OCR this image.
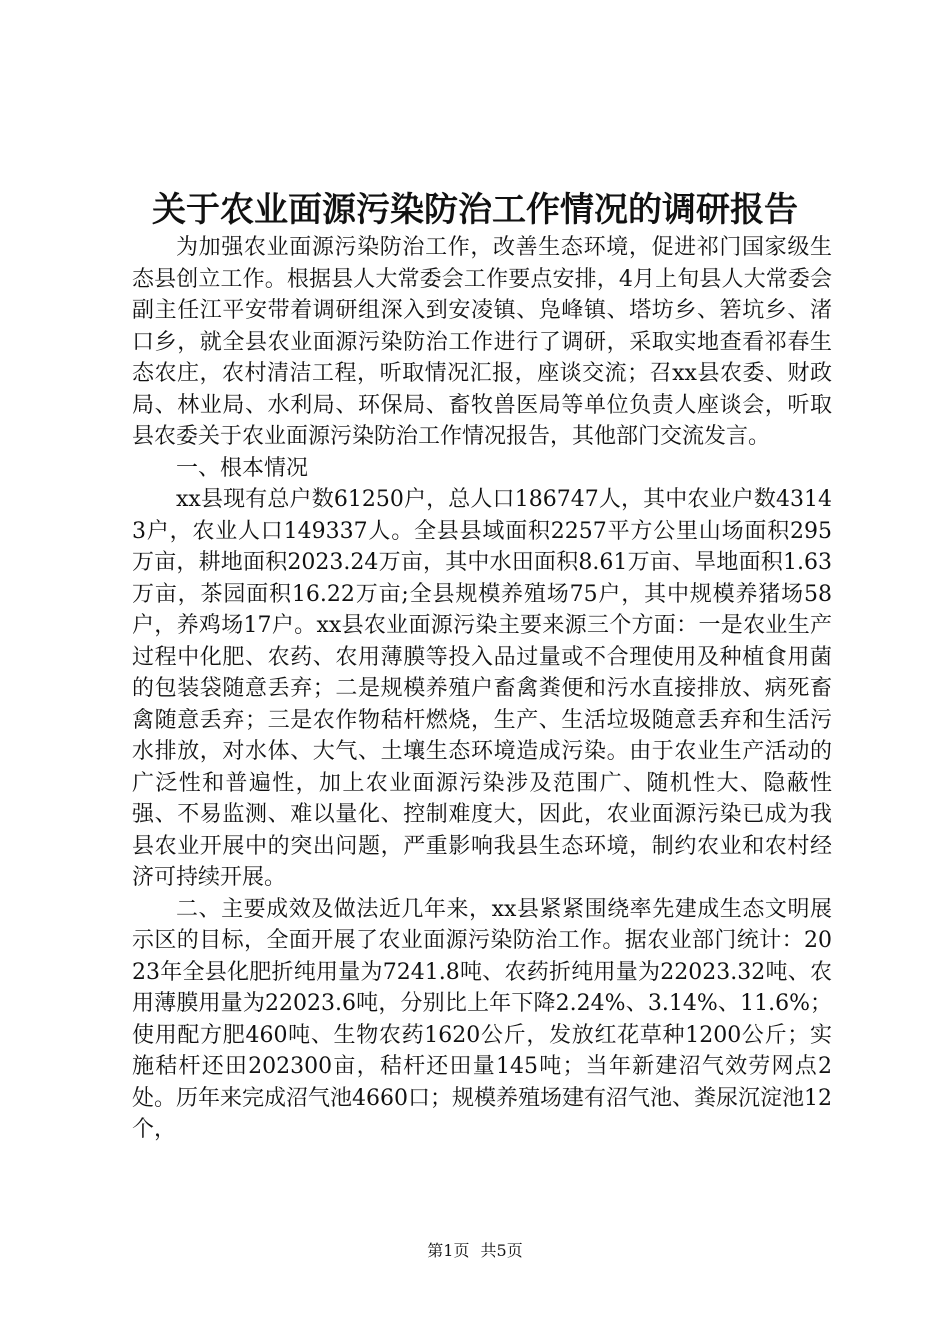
关于农业面源污染防治工作情况的调研报告

为加强农业面源污染防治工作，改善生态环境，促进祁门国家级生态县创立工作。根据县人大常委会工作要点安排，4月上旬县人大常委会副主任江平安带着调研组深入到安凌镇、凫峰镇、塔坊乡、箬坑乡、渚口乡，就全县农业面源污染防治工作进行了调研，采取实地查看祁春生态农庄，农村清洁工程，听取情况汇报，座谈交流；召xx县农委、财政局、林业局、水利局、环保局、畜牧兽医局等单位负责人座谈会，听取县农委关于农业面源污染防治工作情况报告，其他部门交流发言。

一、根本情况

xx县现有总户数61250户，总人口186747人，其中农业户数43143户，农业人口149337人。全县县域面积2257平方公里山场面积295万亩，耕地面积2023.24万亩，其中水田面积8.61万亩、旱地面积1.63万亩，茶园面积16.22万亩;全县规模养殖场75户，其中规模养猪场58户，养鸡场17户。xx县农业面源污染主要来源三个方面：一是农业生产过程中化肥、农药、农用薄膜等投入品过量或不合理使用及种植食用菌的包装袋随意丢弃；二是规模养殖户畜禽粪便和污水直接排放、病死畜禽随意丢弃；三是农作物秸杆燃烧，生产、生活垃圾随意丢弃和生活污水排放，对水体、大气、土壤生态环境造成污染。由于农业生产活动的广泛性和普遍性，加上农业面源污染涉及范围广、随机性大、隐蔽性强、不易监测、难以量化、控制难度大，因此，农业面源污染已成为我县农业开展中的突出问题，严重影响我县生态环境，制约农业和农村经济可持续开展。

二、主要成效及做法近几年来，xx县紧紧围绕率先建成生态文明展示区的目标，全面开展了农业面源污染防治工作。据农业部门统计：2023年全县化肥折纯用量为7241.8吨、农药折纯用量为22023.32吨、农用薄膜用量为22023.6吨，分别比上年下降2.24%、3.14%、11.6%；使用配方肥460吨、生物农药1620公斤，发放红花草种1200公斤；实施秸杆还田202300亩，秸杆还田量145吨；当年新建沼气效劳网点2处。历年来完成沼气池4660口；规模养殖场建有沼气池、粪尿沉淀池12个，

第1页 共5页
